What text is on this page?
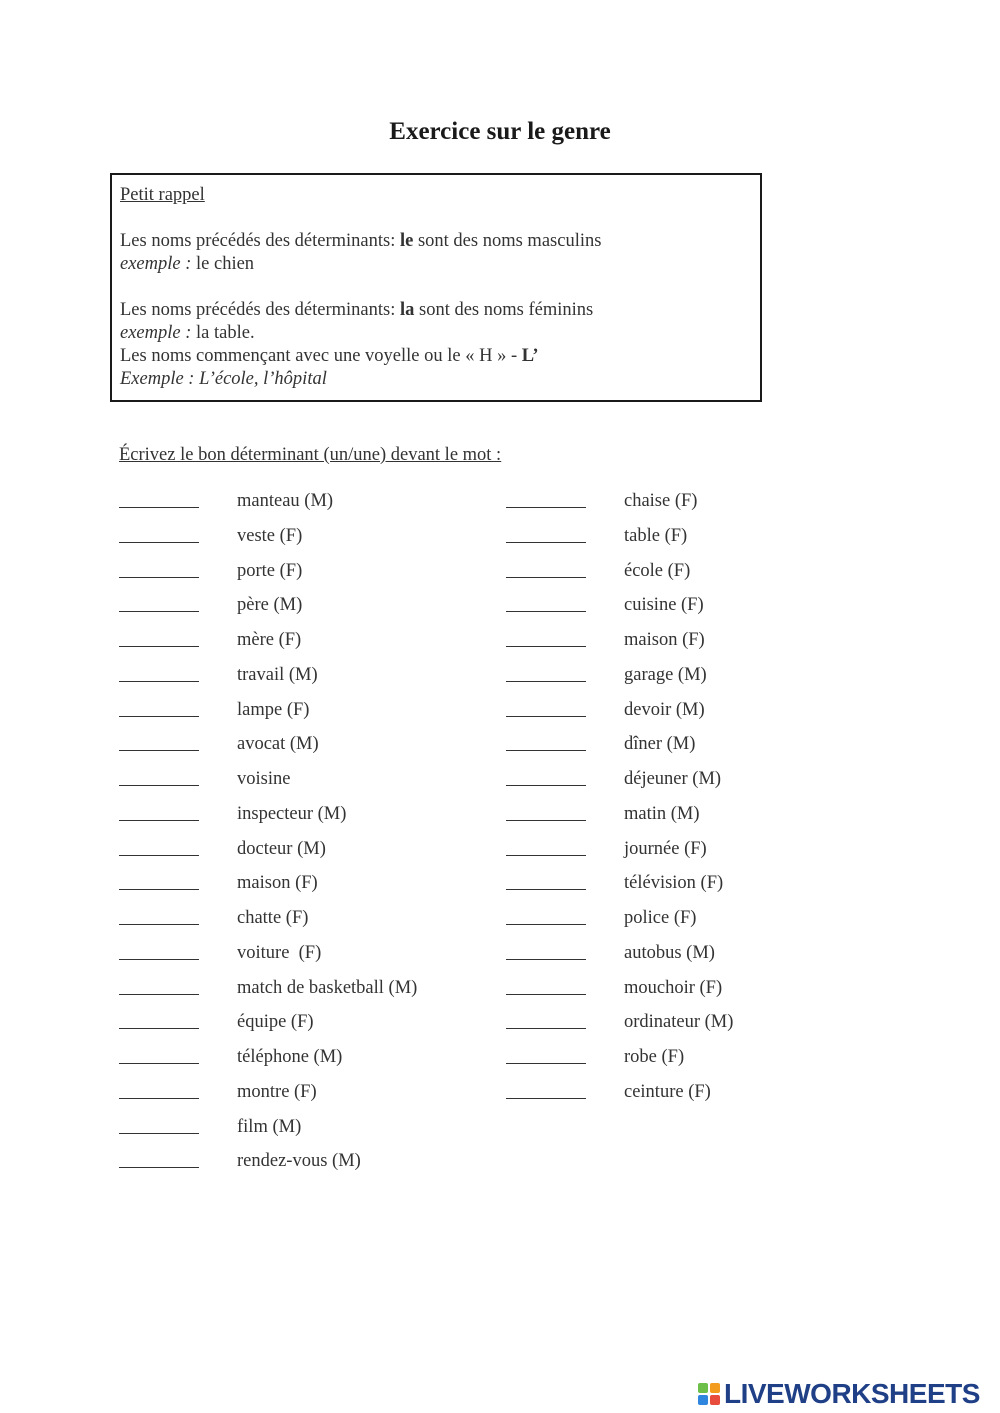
Exercice sur le genre
Petit rappel
Les noms précédés des déterminants: le sont des noms masculins
exemple : le chien
Les noms précédés des déterminants: la sont des noms féminins
exemple : la table.
Les noms commençant avec une voyelle ou le « H » - L’
Exemple : L’école, l’hôpital
Écrivez le bon déterminant (un/une) devant le mot :
manteau (M)
veste (F)
porte (F)
père (M)
mère (F)
travail (M)
lampe (F)
avocat (M)
voisine
inspecteur (M)
docteur (M)
maison (F)
chatte (F)
voiture  (F)
match de basketball (M)
équipe (F)
téléphone (M)
montre (F)
film (M)
rendez-vous (M)
chaise (F)
table (F)
école (F)
cuisine (F)
maison (F)
garage (M)
devoir (M)
dîner (M)
déjeuner (M)
matin (M)
journée (F)
télévision (F)
police (F)
autobus (M)
mouchoir (F)
ordinateur (M)
robe (F)
ceinture (F)
LIVEWORKSHEETS
